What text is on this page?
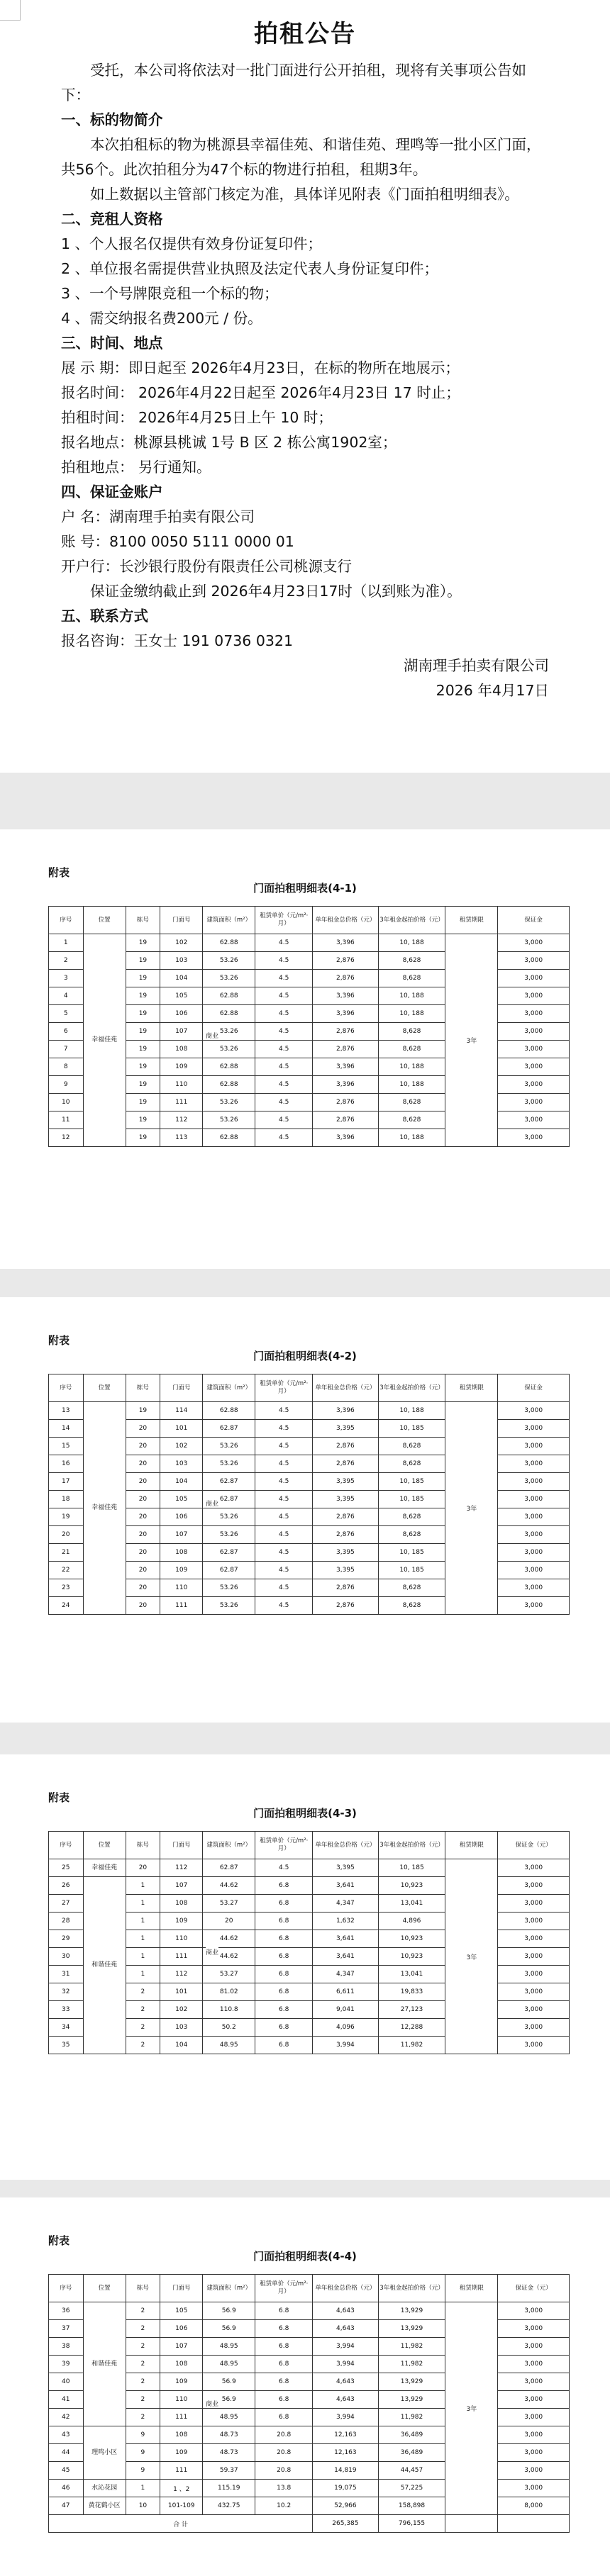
拍租公告

受托，本公司将依法对一批门面进行公开拍租，现将有关事项公告如下：

一、标的物简介

本次拍租标的物为桃源县幸福佳苑、和谐佳苑、理鸣等一批小区门面，共56个。此次拍租分为47个标的物进行拍租，租期3年。

如上数据以主管部门核定为准，具体详见附表《门面拍租明细表》。

二、竞租人资格

1 、个人报名仅提供有效身份证复印件；

2 、单位报名需提供营业执照及法定代表人身份证复印件；

3 、一个号牌限竞租一个标的物；

4 、需交纳报名费200元 / 份。

三、时间、地点

展 示 期：即日起至 2026年4月23日，在标的物所在地展示；

报名时间： 2026年4月22日起至 2026年4月23日 17 时止；

拍租时间： 2026年4月25日上午 10 时；

报名地点：桃源县桃诚 1号 B 区 2 栋公寓1902室；

拍租地点： 另行通知。

四、保证金账户

户 名：湖南理手拍卖有限公司

账 号：8100 0050 5111 0000 01

开户行：长沙银行股份有限责任公司桃源支行

保证金缴纳截止到 2026年4月23日17时（以到账为准）。

五、联系方式

报名咨询：王女士 191 0736 0321

湖南理手拍卖有限公司

2026 年4月17日

附表
门面拍租明细表(4-1)
序号	位置	栋号	门面号	建筑面积（m²）	租赁单价（元/m²·月）	单年租金总价格（元）	3年租金起拍价格（元）	租赁期限	保证金
1	幸福佳苑	19	102	62.88	4.5	3,396	10, 188	3年	3,000
2		19	103	53.26	4.5	2,876	8,628		3,000
3		19	104	53.26	4.5	2,876	8,628		3,000
4		19	105	62.88	4.5	3,396	10, 188		3,000
5		19	106	62.88	4.5	3,396	10, 188		3,000
6		19	107	53.26	4.5	2,876	8,628		3,000
7		19	108	53.26	4.5	2,876	8,628		3,000
8		19	109	62.88	4.5	3,396	10, 188		3,000
9		19	110	62.88	4.5	3,396	10, 188		3,000
10		19	111	53.26	4.5	2,876	8,628		3,000
11		19	112	53.26	4.5	2,876	8,628		3,000
12		19	113	62.88	4.5	3,396	10, 188		3,000
商业
附表
门面拍租明细表(4-2)
序号	位置	栋号	门面号	建筑面积（m²）	租赁单价（元/m²·月）	单年租金总价格（元）	3年租金起拍价格（元）	租赁期限	保证金
13	幸福佳苑	19	114	62.88	4.5	3,396	10, 188	3年	3,000
14		20	101	62.87	4.5	3,395	10, 185		3,000
15		20	102	53.26	4.5	2,876	8,628		3,000
16		20	103	53.26	4.5	2,876	8,628		3,000
17		20	104	62.87	4.5	3,395	10, 185		3,000
18		20	105	62.87	4.5	3,395	10, 185		3,000
19		20	106	53.26	4.5	2,876	8,628		3,000
20		20	107	53.26	4.5	2,876	8,628		3,000
21		20	108	62.87	4.5	3,395	10, 185		3,000
22		20	109	62.87	4.5	3,395	10, 185		3,000
23		20	110	53.26	4.5	2,876	8,628		3,000
24		20	111	53.26	4.5	2,876	8,628		3,000
商业
附表
门面拍租明细表(4-3)
序号	位置	栋号	门面号	建筑面积（m²）	租赁单价（元/m²·月）	单年租金总价格（元）	3年租金起拍价格（元）	租赁期限	保证金（元）
25	幸福佳苑	20	112	62.87	4.5	3,395	10, 185	3年	3,000
26	和谐佳苑	1	107	44.62	6.8	3,641	10,923		3,000
27		1	108	53.27	6.8	4,347	13,041		3,000
28		1	109	20	6.8	1,632	4,896		3,000
29		1	110	44.62	6.8	3,641	10,923		3,000
30		1	111	44.62	6.8	3,641	10,923		3,000
31		1	112	53.27	6.8	4,347	13,041		3,000
32		2	101	81.02	6.8	6,611	19,833		3,000
33		2	102	110.8	6.8	9,041	27,123		3,000
34		2	103	50.2	6.8	4,096	12,288		3,000
35		2	104	48.95	6.8	3,994	11,982		3,000
商业
附表
门面拍租明细表(4-4)
序号	位置	栋号	门面号	建筑面积（m²）	租赁单价（元/m²·月）	单年租金总价格（元）	3年租金起拍价格（元）	租赁期限	保证金（元）
36	和谐佳苑	2	105	56.9	6.8	4,643	13,929	3年	3,000
37		2	106	56.9	6.8	4,643	13,929		3,000
38		2	107	48.95	6.8	3,994	11,982		3,000
39		2	108	48.95	6.8	3,994	11,982		3,000
40		2	109	56.9	6.8	4,643	13,929		3,000
41		2	110	56.9	6.8	4,643	13,929		3,000
42		2	111	48.95	6.8	3,994	11,982		3,000
43	理鸣小区	9	108	48.73	20.8	12,163	36,489		3,000
44		9	109	48.73	20.8	12,163	36,489		3,000
45		9	111	59.37	20.8	14,819	44,457		3,000
46	水沁花园	1	1 、2	115.19	13.8	19,075	57,225		3,000
47	黄花鹤小区	10	101-109	432.75	10.2	52,966	158,898		8,000
合 计						265,385	796,155		
商业
